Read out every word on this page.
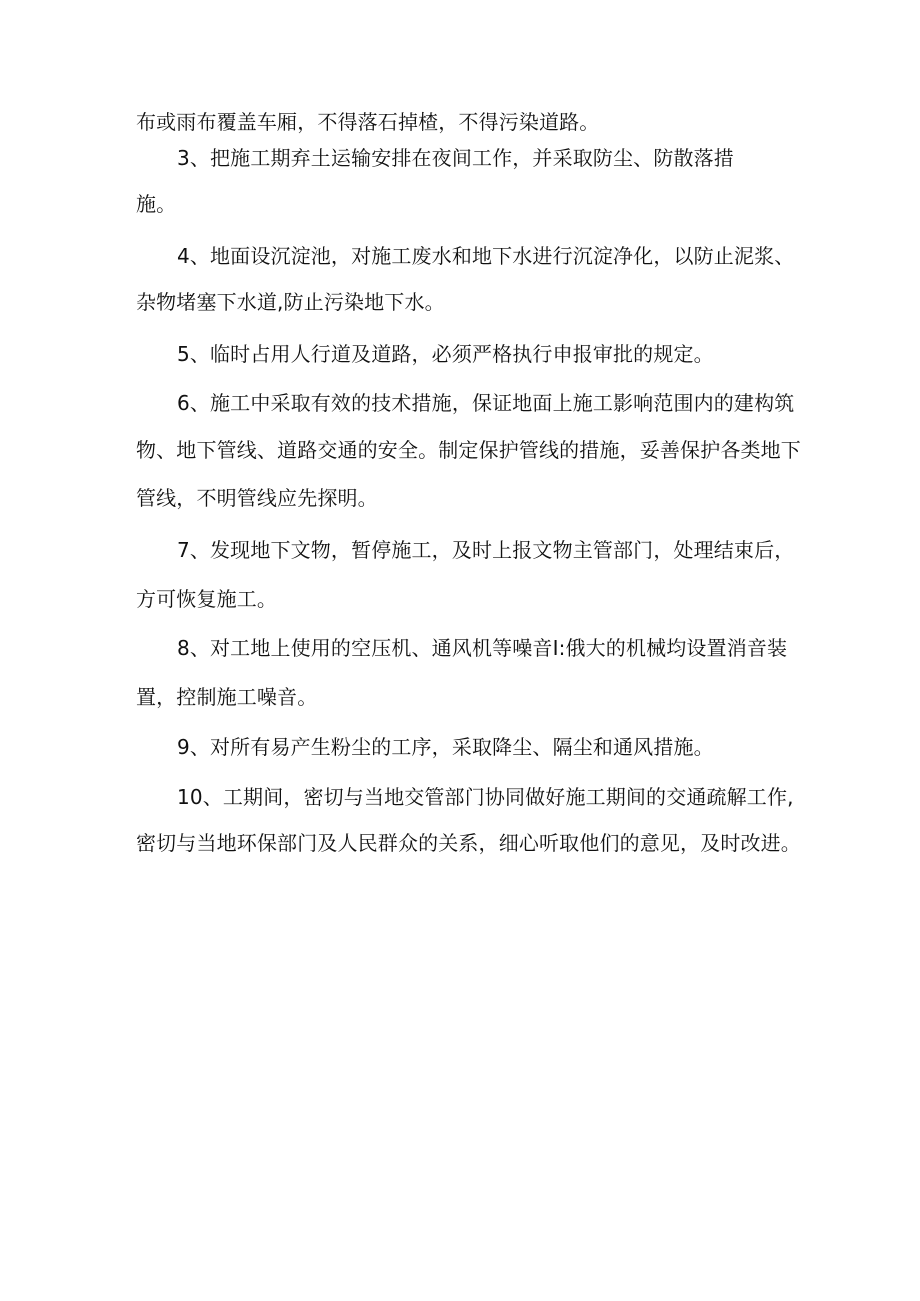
布或雨布覆盖车厢，不得落石掉楂，不得污染道路。
3、把施工期弃土运输安排在夜间工作，并采取防尘、防散落措
施。
4、地面设沉淀池，对施工废水和地下水进行沉淀净化，以防止泥浆、
杂物堵塞下水道,防止污染地下水。
5、临时占用人行道及道路，必须严格执行申报审批的规定。
6、施工中采取有效的技术措施，保证地面上施工影响范围内的建构筑
物、地下管线、道路交通的安全。制定保护管线的措施，妥善保护各类地下
管线，不明管线应先探明。
7、发现地下文物，暂停施工，及时上报文物主管部门，处理结束后，
方可恢复施工。
8、对工地上使用的空压机、通风机等噪音I:俄大的机械均设置消音装
置，控制施工噪音。
9、对所有易产生粉尘的工序，采取降尘、隔尘和通风措施。
10、工期间，密切与当地交管部门协同做好施工期间的交通疏解工作,
密切与当地环保部门及人民群众的关系，细心听取他们的意见，及时改进。
